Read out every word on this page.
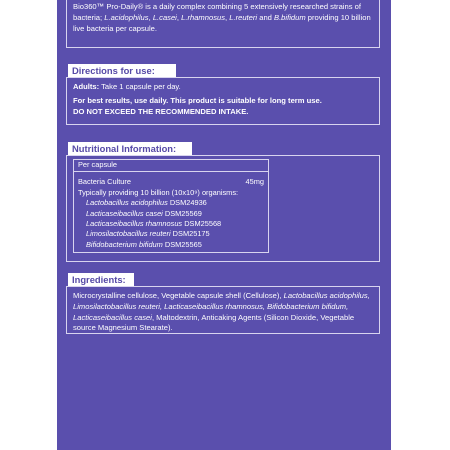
Bio360™ Pro-Daily® is a daily complex combining 5 extensively researched strains of bacteria; L.acidophilus, L.casei, L.rhamnosus, L.reuteri and B.bifidum providing 10 billion live bacteria per capsule.
Directions for use:
Adults: Take 1 capsule per day.
For best results, use daily. This product is suitable for long term use.
DO NOT EXCEED THE RECOMMENDED INTAKE.
Nutritional Information:
Per capsule
Bacteria Culture	45mg
Typically providing 10 billion (10x10⁹) organisms:
Lactobacillus acidophilus DSM24936
Lacticaseibacillus casei DSM25569
Lacticaseibacillus rhamnosus DSM25568
Limosilactobacillus reuteri DSM25175
Bifidobacterium bifidum DSM25565
Ingredients:
Microcrystalline cellulose, Vegetable capsule shell (Cellulose), Lactobacillus acidophilus, Limosilactobacillus reuteri, Lacticaseibacillus rhamnosus, Bifidobacterium bifidum, Lacticaseibacillus casei, Maltodextrin, Anticaking Agents (Silicon Dioxide, Vegetable source Magnesium Stearate).
